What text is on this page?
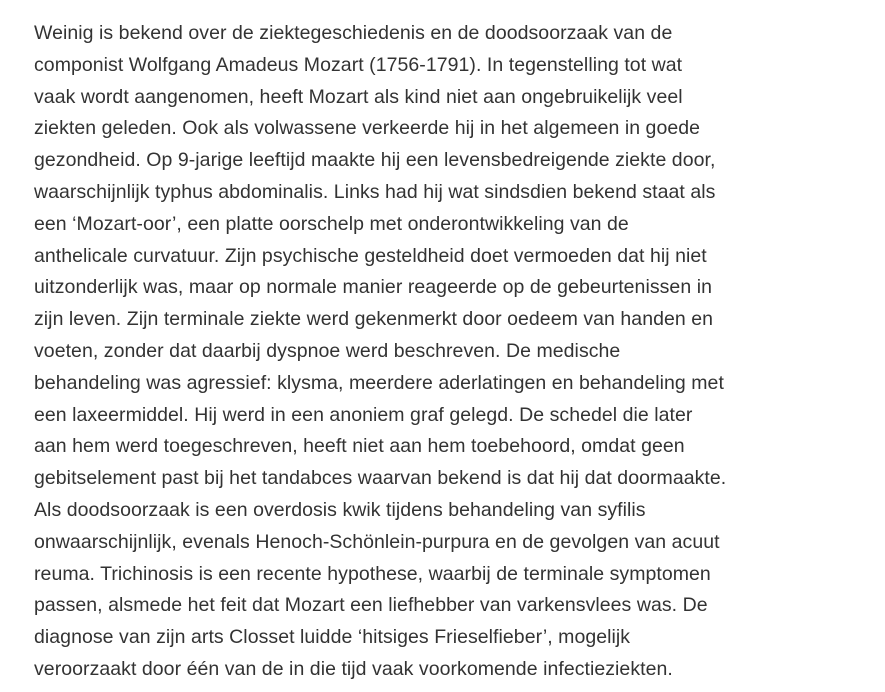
Weinig is bekend over de ziektegeschiedenis en de doodsoorzaak van de
componist Wolfgang Amadeus Mozart (1756-1791). In tegenstelling tot wat
vaak wordt aangenomen, heeft Mozart als kind niet aan ongebruikelijk veel
ziekten geleden. Ook als volwassene verkeerde hij in het algemeen in goede
gezondheid. Op 9-jarige leeftijd maakte hij een levensbedreigende ziekte door,
waarschijnlijk typhus abdominalis. Links had hij wat sindsdien bekend staat als
een ‘Mozart-oor’, een platte oorschelp met onderontwikkeling van de
anthelicale curvatuur. Zijn psychische gesteldheid doet vermoeden dat hij niet
uitzonderlijk was, maar op normale manier reageerde op de gebeurtenissen in
zijn leven. Zijn terminale ziekte werd gekenmerkt door oedeem van handen en
voeten, zonder dat daarbij dyspnoe werd beschreven. De medische
behandeling was agressief: klysma, meerdere aderlatingen en behandeling met
een laxeermiddel. Hij werd in een anoniem graf gelegd. De schedel die later
aan hem werd toegeschreven, heeft niet aan hem toebehoord, omdat geen
gebitselement past bij het tandabces waarvan bekend is dat hij dat doormaakte.
Als doodsoorzaak is een overdosis kwik tijdens behandeling van syfilis
onwaarschijnlijk, evenals Henoch-Schönlein-purpura en de gevolgen van acuut
reuma. Trichinosis is een recente hypothese, waarbij de terminale symptomen
passen, alsmede het feit dat Mozart een liefhebber van varkensvlees was. De
diagnose van zijn arts Closset luidde ‘hitsiges Frieselfieber’, mogelijk
veroorzaakt door één van de in die tijd vaak voorkomende infectieziekten.
